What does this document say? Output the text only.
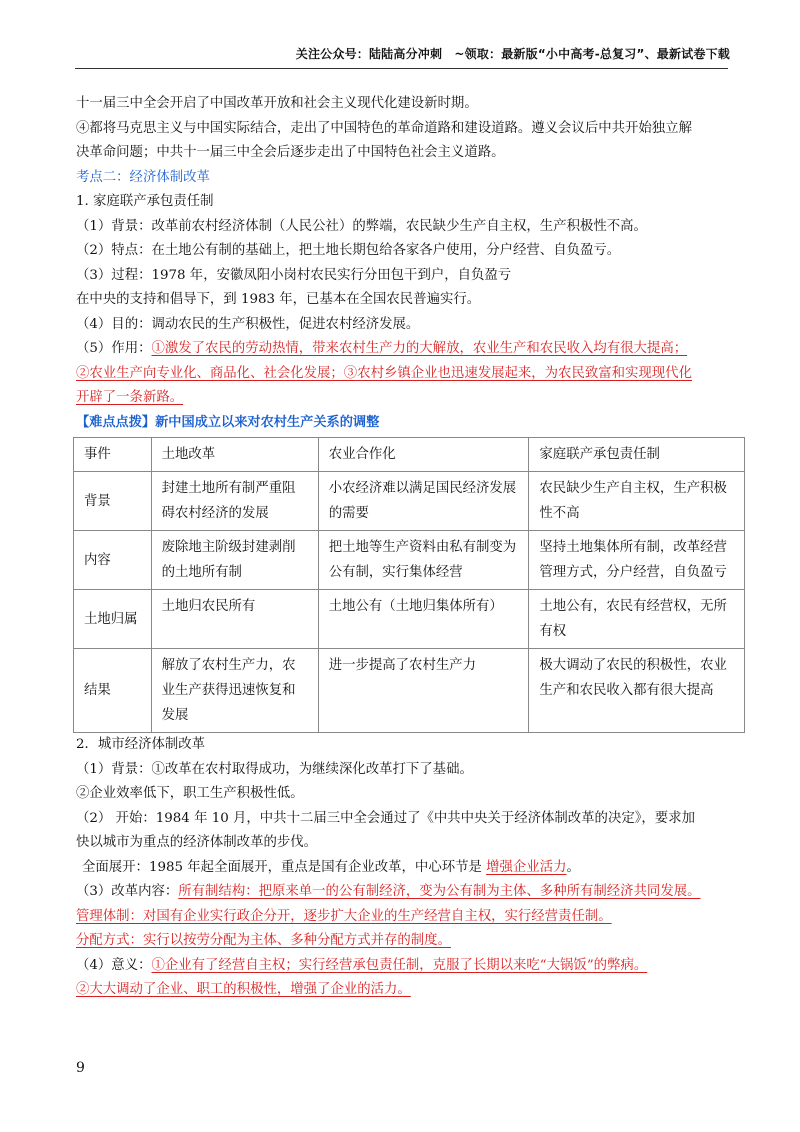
关注公众号：陆陆高分冲刺　~领取：最新版“小中高考-总复习”、最新试卷下载
十一届三中全会开启了中国改革开放和社会主义现代化建设新时期。
④都将马克思主义与中国实际结合，走出了中国特色的革命道路和建设道路。遵义会议后中共开始独立解
决革命问题；中共十一届三中全会后逐步走出了中国特色社会主义道路。
考点二：经济体制改革
1. 家庭联产承包责任制
（1）背景：改革前农村经济体制（人民公社）的弊端，农民缺少生产自主权，生产积极性不高。
（2）特点：在土地公有制的基础上，把土地长期包给各家各户使用，分户经营、自负盈亏。
（3）过程：1978 年，安徽凤阳小岗村农民实行分田包干到户，自负盈亏
在中央的支持和倡导下，到 1983 年，已基本在全国农民普遍实行。
（4）目的：调动农民的生产积极性，促进农村经济发展。
（5）作用：①激发了农民的劳动热情，带来农村生产力的大解放，农业生产和农民收入均有很大提高；
②农业生产向专业化、商品化、社会化发展；③农村乡镇企业也迅速发展起来，为农民致富和实现现代化
开辟了一条新路。
【难点点拨】新中国成立以来对农村生产关系的调整
事件	土地改革	农业合作化	家庭联产承包责任制
背景	封建土地所有制严重阻碍农村经济的发展	小农经济难以满足国民经济发展的需要	农民缺少生产自主权，生产积极性不高
内容	废除地主阶级封建剥削的土地所有制	把土地等生产资料由私有制变为公有制，实行集体经营	坚持土地集体所有制，改革经营管理方式，分户经营，自负盈亏
土地归属	土地归农民所有	土地公有（土地归集体所有）	土地公有，农民有经营权，无所有权
结果	解放了农村生产力，农业生产获得迅速恢复和发展	进一步提高了农村生产力	极大调动了农民的积极性，农业生产和农民收入都有很大提高
2．城市经济体制改革
（1）背景：①改革在农村取得成功，为继续深化改革打下了基础。
②企业效率低下，职工生产积极性低。
（2） 开始：1984 年 10 月，中共十二届三中全会通过了《中共中央关于经济体制改革的决定》，要求加
快以城市为重点的经济体制改革的步伐。
全面展开：1985 年起全面展开，重点是国有企业改革，中心环节是 增强企业活力。
（3）改革内容：所有制结构：把原来单一的公有制经济，变为公有制为主体、多种所有制经济共同发展。
管理体制：对国有企业实行政企分开，逐步扩大企业的生产经营自主权，实行经营责任制。
分配方式：实行以按劳分配为主体、多种分配方式并存的制度。
（4）意义：①企业有了经营自主权；实行经营承包责任制，克服了长期以来吃“大锅饭”的弊病。
②大大调动了企业、职工的积极性，增强了企业的活力。
9
